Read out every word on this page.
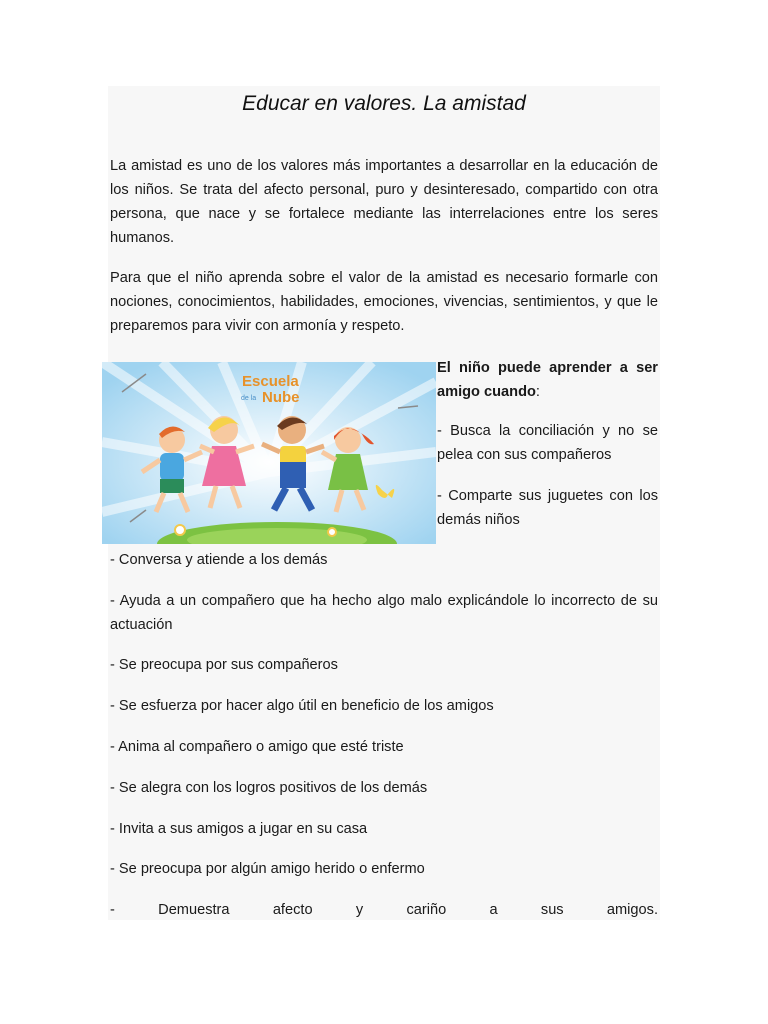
Educar en valores. La amistad

La amistad es uno de los valores más importantes a desarrollar en la educación de los niños. Se trata del afecto personal, puro y desinteresado, compartido con otra persona, que nace y se fortalece mediante las interrelaciones entre los seres humanos.

Para que el niño aprenda sobre el valor de la amistad es necesario formarle con nociones, conocimientos, habilidades, emociones, vivencias, sentimientos, y que le preparemos para vivir con armonía y respeto.

El niño puede aprender a ser amigo cuando:

- Busca la conciliación y no se pelea con sus compañeros

- Comparte sus juguetes con los demás niños

- Conversa y atiende a los demás

- Ayuda a un compañero que ha hecho algo malo explicándole lo incorrecto de su actuación

- Se preocupa por sus compañeros

- Se esfuerza por hacer algo útil en beneficio de los amigos

- Anima al compañero o amigo que esté triste

- Se alegra con los logros positivos de los demás

- Invita a sus amigos a jugar en su casa

- Se preocupa por algún amigo herido o enfermo

- Demuestra afecto y cariño a sus amigos.

Escuela
de la Nube
